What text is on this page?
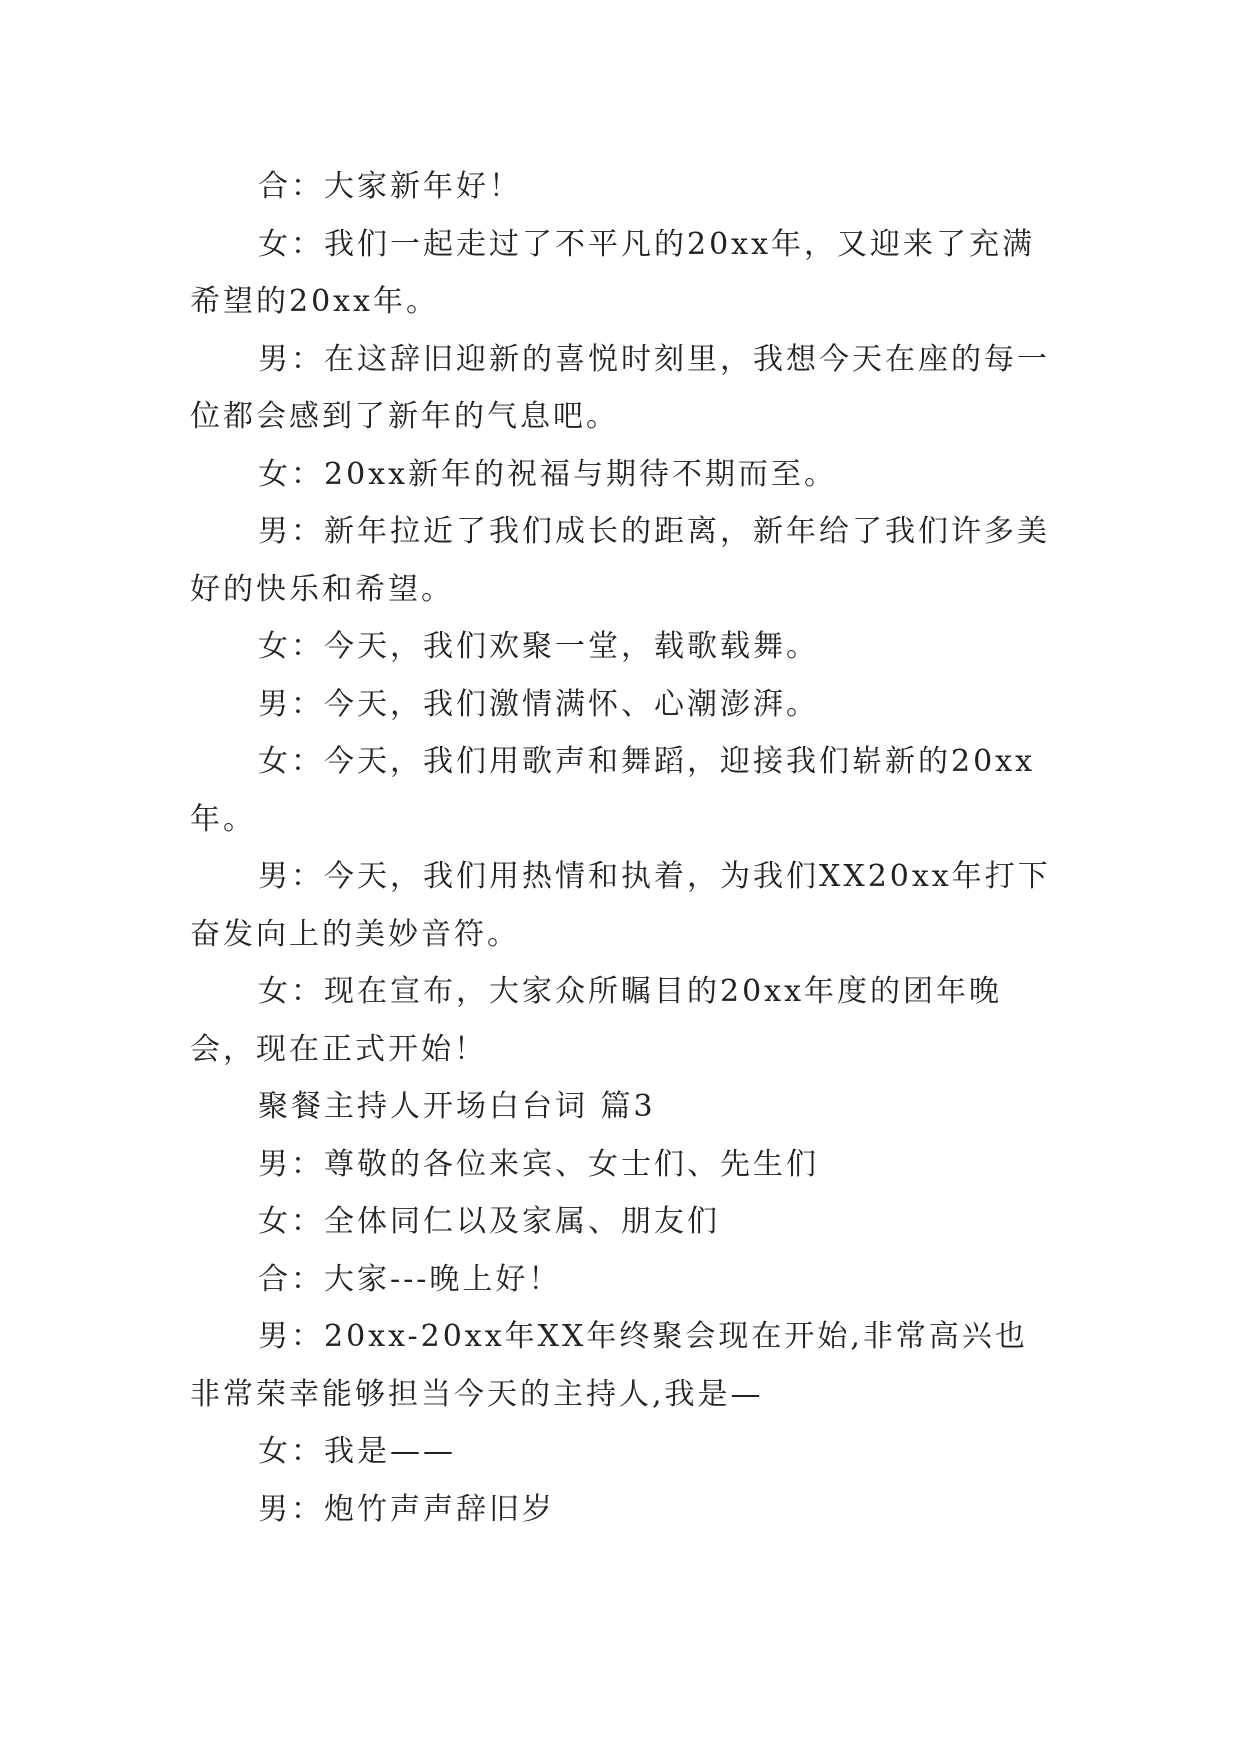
合：大家新年好！

女：我们一起走过了不平凡的20xx年，又迎来了充满希望的20xx年。

男：在这辞旧迎新的喜悦时刻里，我想今天在座的每一位都会感到了新年的气息吧。

女：20xx新年的祝福与期待不期而至。

男：新年拉近了我们成长的距离，新年给了我们许多美好的快乐和希望。

女：今天，我们欢聚一堂，载歌载舞。

男：今天，我们激情满怀、心潮澎湃。

女：今天，我们用歌声和舞蹈，迎接我们崭新的20xx年。

男：今天，我们用热情和执着，为我们XX20xx年打下奋发向上的美妙音符。

女：现在宣布，大家众所瞩目的20xx年度的团年晚会，现在正式开始！

聚餐主持人开场白台词 篇3

男：尊敬的各位来宾、女士们、先生们

女：全体同仁以及家属、朋友们

合：大家---晚上好！

男：20xx-20xx年XX年终聚会现在开始,非常高兴也非常荣幸能够担当今天的主持人,我是—

女：我是——

男：炮竹声声辞旧岁
